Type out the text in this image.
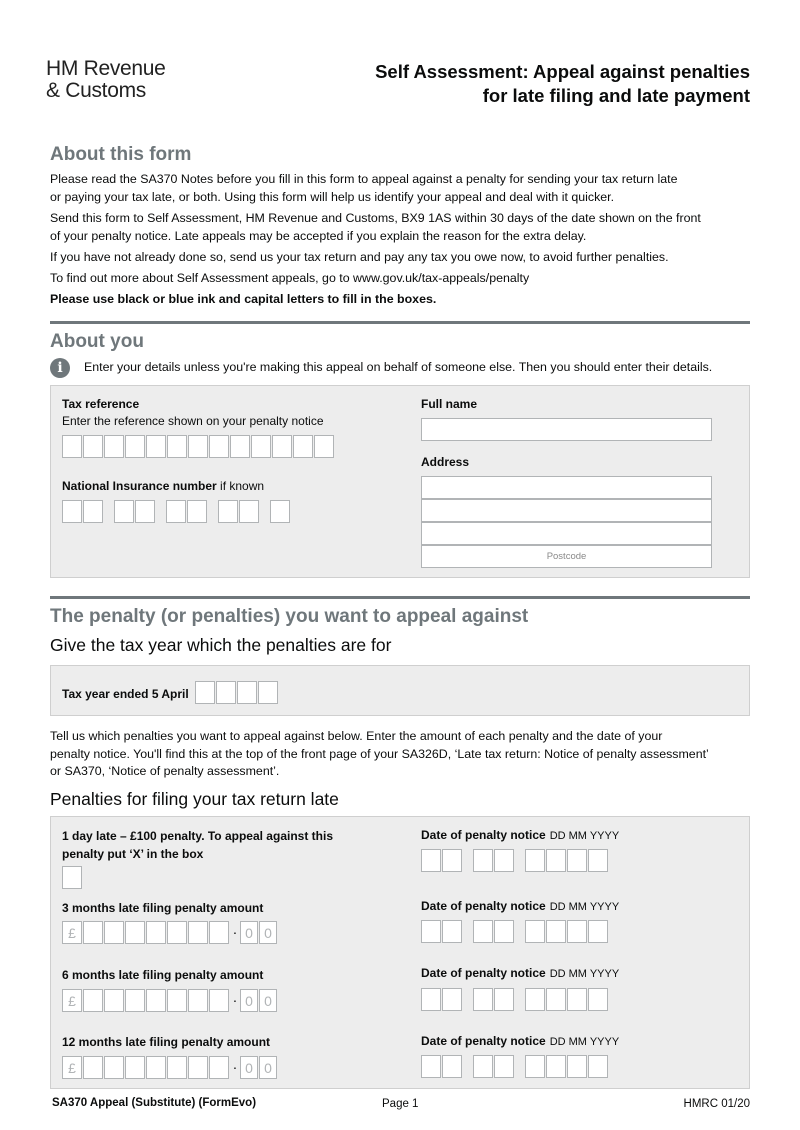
HM Revenue
& Customs
Self Assessment: Appeal against penalties
for late filing and late payment
About this form

Please read the SA370 Notes before you fill in this form to appeal against a penalty for sending your tax return late
or paying your tax late, or both. Using this form will help us identify your appeal and deal with it quicker.

Send this form to Self Assessment, HM Revenue and Customs, BX9 1AS within 30 days of the date shown on the front
of your penalty notice. Late appeals may be accepted if you explain the reason for the extra delay.

If you have not already done so, send us your tax return and pay any tax you owe now, to avoid further penalties.

To find out more about Self Assessment appeals, go to www.gov.uk/tax-appeals/penalty

Please use black or blue ink and capital letters to fill in the boxes.

About you
i	Enter your details unless you're making this appeal on behalf of someone else. Then you should enter their details.
Tax reference
Enter the reference shown on your penalty notice
National Insurance number if known
Full name
Address
Postcode
The penalty (or penalties) you want to appeal against
Give the tax year which the penalties are for
Tax year ended 5 April
Tell us which penalties you want to appeal against below. Enter the amount of each penalty and the date of your
penalty notice. You'll find this at the top of the front page of your SA326D, ‘Late tax return: Notice of penalty assessment’
or SA370, ‘Notice of penalty assessment’.
Penalties for filing your tax return late
1 day late – £100 penalty. To appeal against this
penalty put ‘X’ in the box
Date of penalty notice DD MM YYYY
3 months late filing penalty amount
£	· 0 0
Date of penalty notice DD MM YYYY
6 months late filing penalty amount
£	· 0 0
Date of penalty notice DD MM YYYY
12 months late filing penalty amount
£	· 0 0
Date of penalty notice DD MM YYYY
SA370 Appeal (Substitute) (FormEvo)	Page 1	HMRC 01/20
